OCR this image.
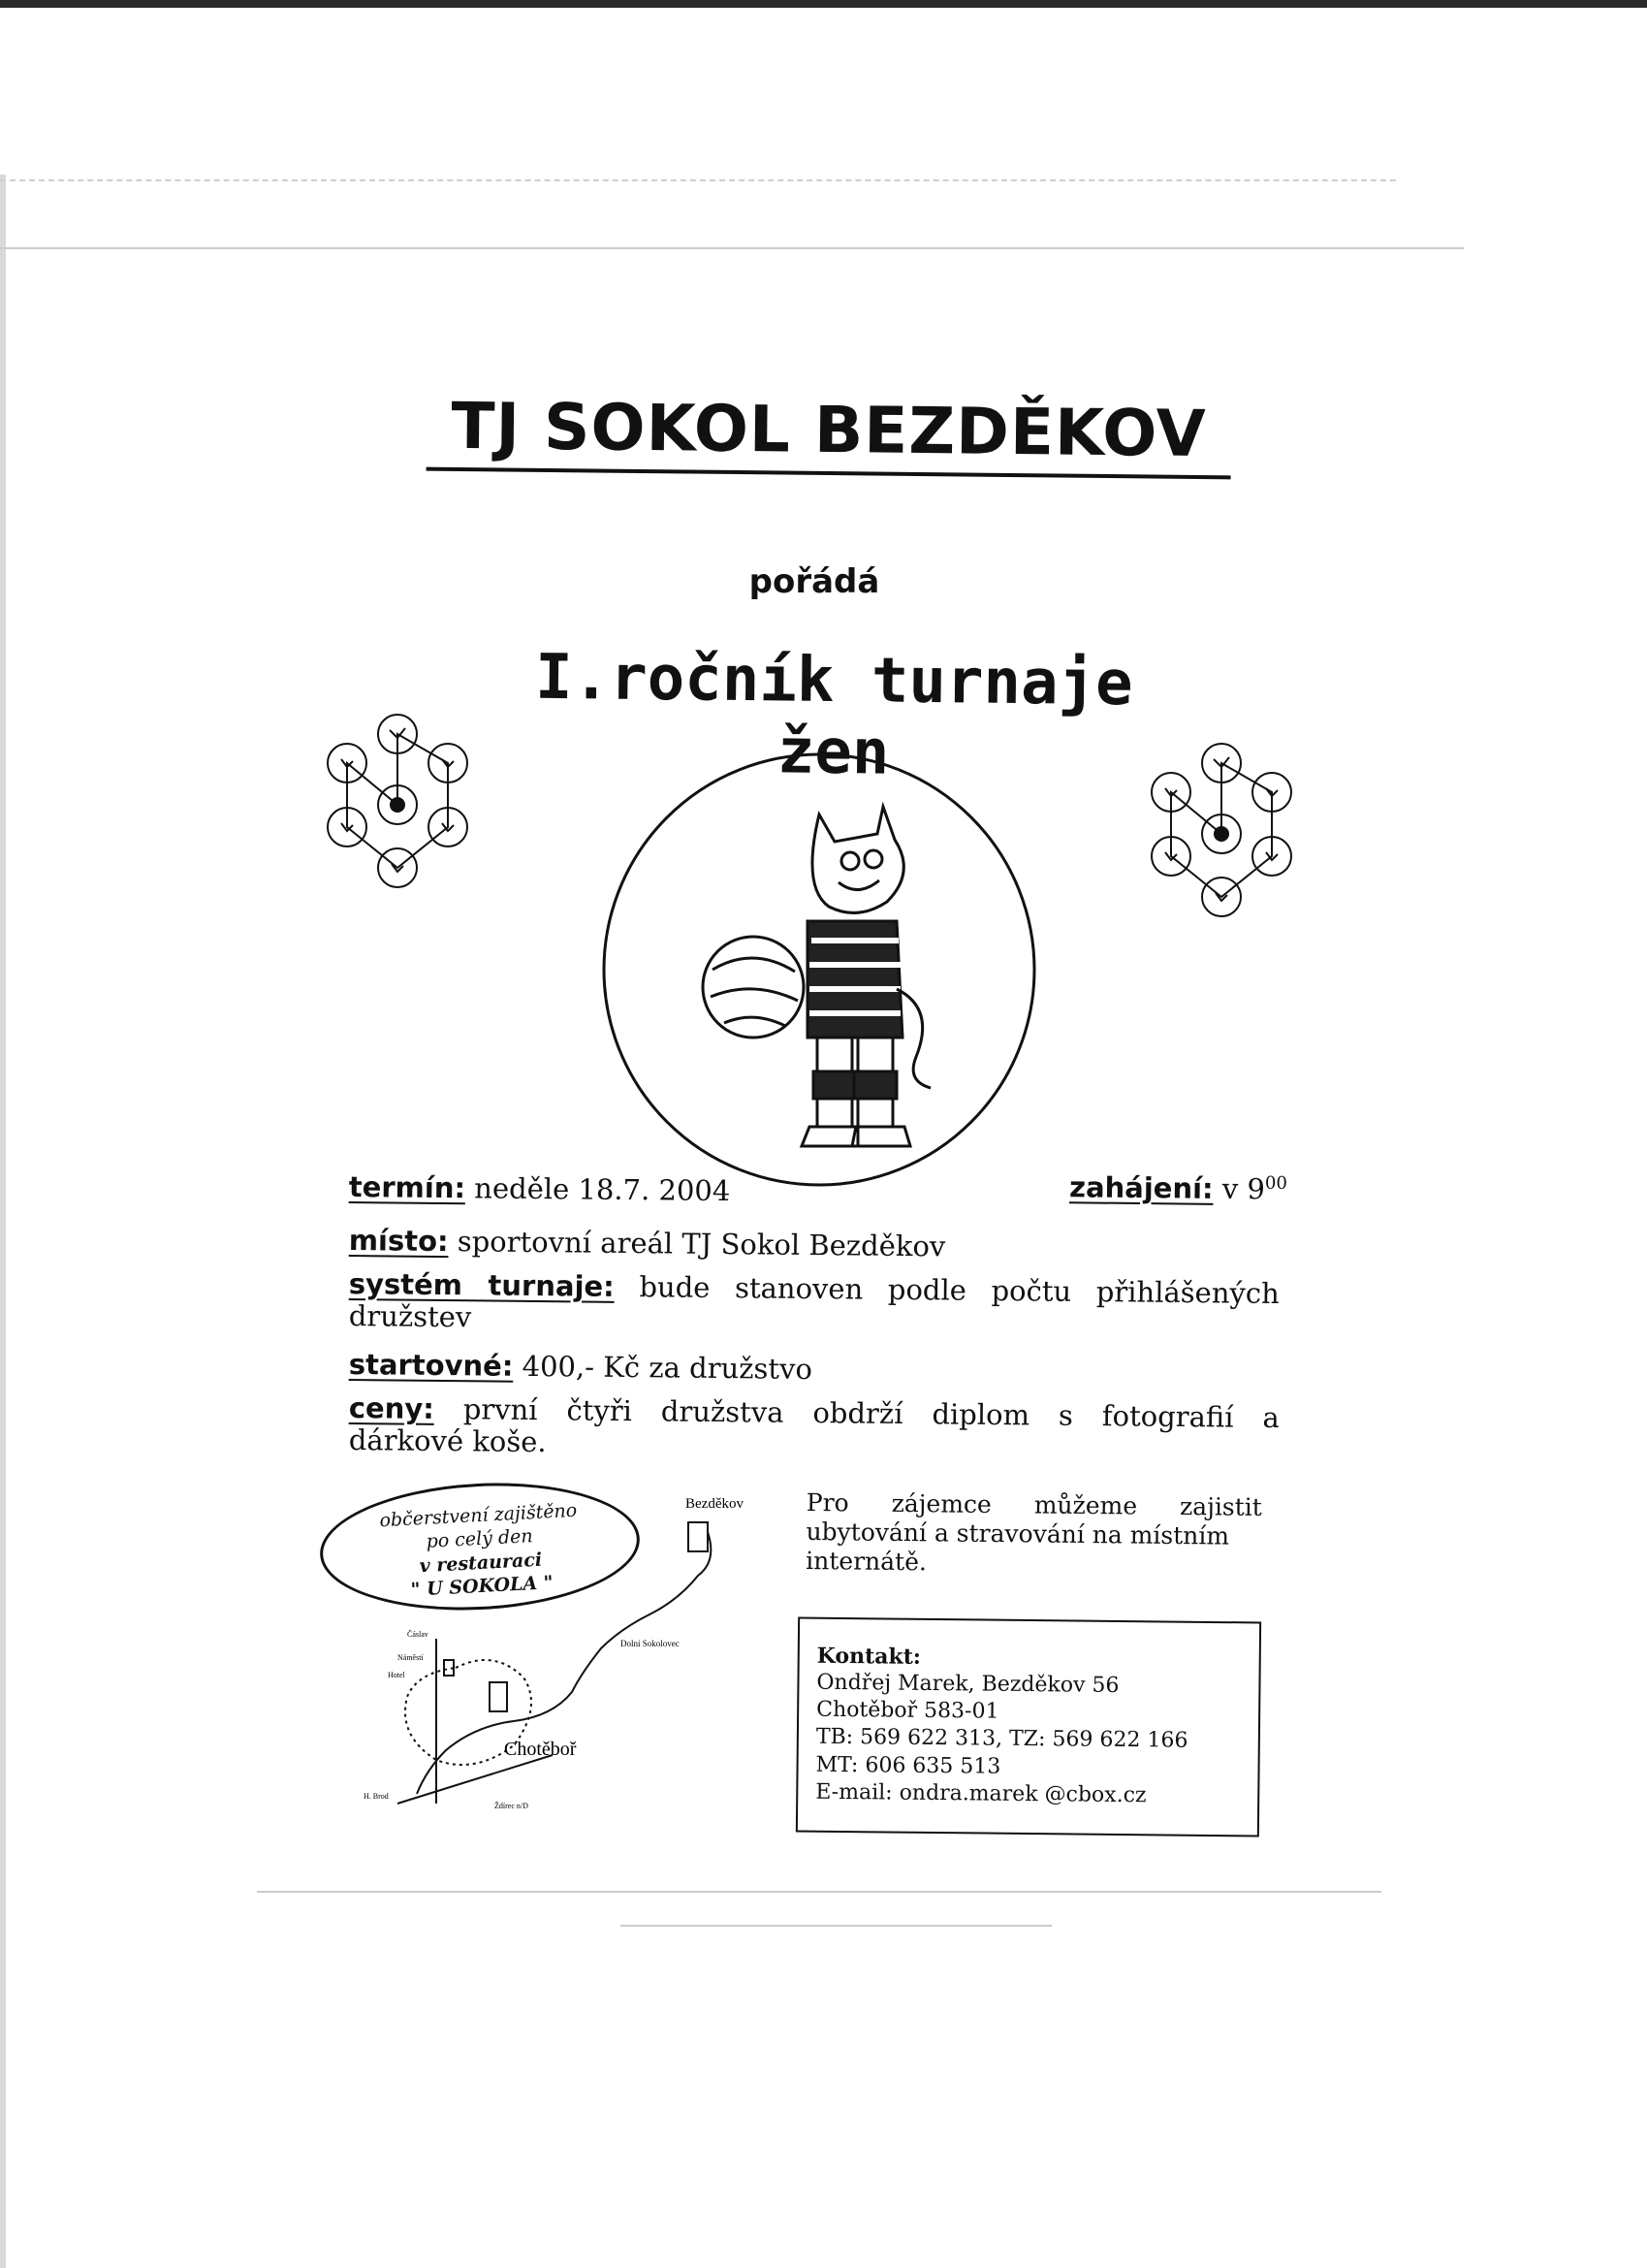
TJ SOKOL BEZDĚKOV
pořádá
I.ročník turnaje žen
termín: neděle 18.7. 2004	zahájení: v $9^{00}$
místo: sportovní areál TJ Sokol Bezděkov
systém turnaje: bude stanoven podle počtu přihlášených
družstev
startovné: 400,- Kč za družstvo
ceny: první čtyři družstva obdrží diplom s fotografií a
dárkové koše.
občerstvení zajištěno
po celý den
v restauraci
" U SOKOLA "
Bezděkov
Dolní Sokolovec
Chotěboř
Čáslav
Náměstí
Hotel
H. Brod
Ždírec n/D
Pro zájemce můžeme zajistit
ubytování a stravování na místním
internátě.
Kontakt:
Ondřej Marek, Bezděkov 56
Chotěboř 583-01
TB: 569 622 313, TZ: 569 622 166
MT: 606 635 513
E-mail: ondra.marek @cbox.cz
